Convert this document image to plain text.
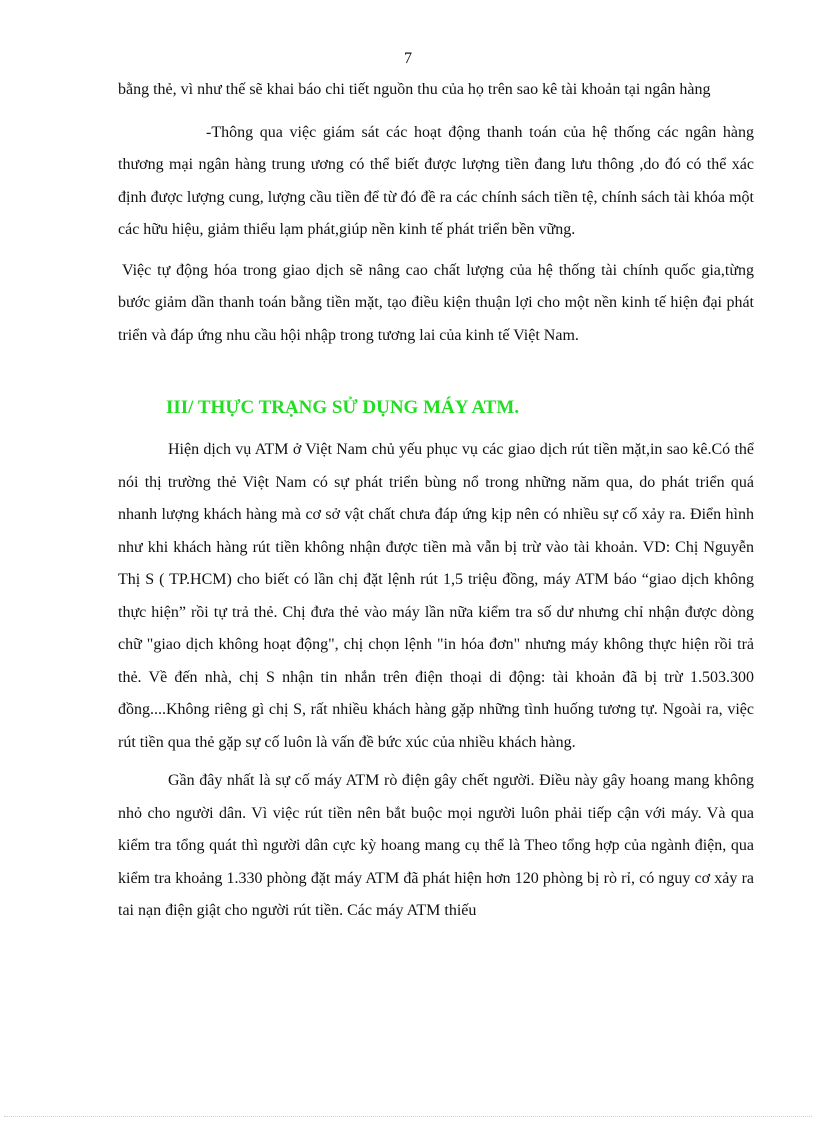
7

bằng thẻ, vì như thế sẽ khai báo chi tiết nguồn thu của họ trên sao kê tài khoản tại ngân hàng

-Thông qua việc giám sát các hoạt động thanh toán của hệ thống các ngân hàng thương mại ngân hàng trung ương có thể biết được lượng tiền đang lưu thông ,do đó có thể xác định được lượng cung, lượng cầu tiền để từ đó đề ra các chính sách tiền tệ, chính sách tài khóa một các hữu hiệu, giảm thiểu lạm phát,giúp nền kinh tế phát triển bền vững.

Việc tự động hóa trong giao dịch sẽ nâng cao chất lượng của hệ thống tài chính quốc gia,từng bước giảm dần thanh toán bằng tiền mặt, tạo điều kiện thuận lợi cho một nền kinh tế hiện đại phát triển và đáp ứng nhu cầu hội nhập trong tương lai của kinh tế Việt Nam.

III/ THỰC TRẠNG SỬ DỤNG MÁY ATM.

Hiện dịch vụ ATM ở Việt Nam chủ yếu phục vụ các giao dịch rút tiền mặt,in sao kê.Có thể nói thị trường thẻ Việt Nam có sự phát triển bùng nổ trong những năm qua, do phát triển quá nhanh lượng khách hàng mà cơ sở vật chất chưa đáp ứng kịp nên có nhiều sự cố xảy ra. Điển hình như khi khách hàng rút tiền không nhận được tiền mà vẫn bị trừ vào tài khoản. VD: Chị Nguyễn Thị S ( TP.HCM) cho biết có lần chị đặt lệnh rút 1,5 triệu đồng, máy ATM báo “giao dịch không thực hiện” rồi tự trả thẻ. Chị đưa thẻ vào máy lần nữa kiểm tra số dư nhưng chỉ nhận được dòng chữ "giao dịch không hoạt động", chị chọn lệnh "in hóa đơn" nhưng máy không thực hiện rồi trả thẻ. Về đến nhà, chị S nhận tin nhắn trên điện thoại di động: tài khoản đã bị trừ 1.503.300 đồng....Không riêng gì chị S, rất nhiều khách hàng gặp những tình huống tương tự. Ngoài ra, việc rút tiền qua thẻ gặp sự cố luôn là vấn đề bức xúc của nhiều khách hàng.

Gần đây nhất là sự cố máy ATM rò điện gây chết người. Điều này gây hoang mang không nhỏ cho người dân. Vì việc rút tiền nên bắt buộc mọi người luôn phải tiếp cận với máy. Và qua kiểm tra tổng quát thì người dân cực kỳ hoang mang cụ thể là Theo tổng hợp của ngành điện, qua kiểm tra khoảng 1.330 phòng đặt máy ATM đã phát hiện hơn 120 phòng bị rò rỉ, có nguy cơ xảy ra tai nạn điện giật cho người rút tiền. Các máy ATM thiếu
